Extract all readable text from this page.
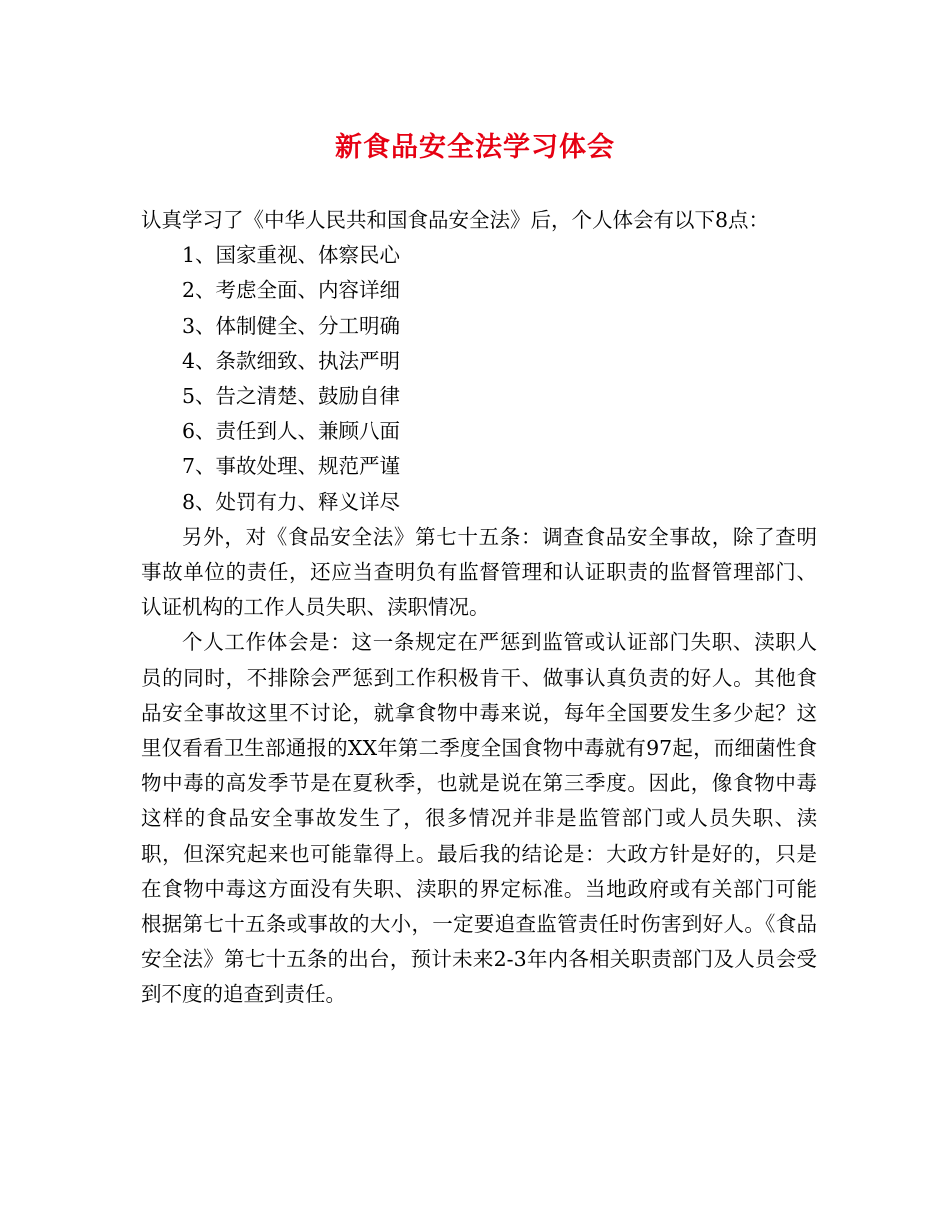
新食品安全法学习体会

认真学习了《中华人民共和国食品安全法》后，个人体会有以下8点：

1、国家重视、体察民心
2、考虑全面、内容详细
3、体制健全、分工明确
4、条款细致、执法严明
5、告之清楚、鼓励自律
6、责任到人、兼顾八面
7、事故处理、规范严谨
8、处罚有力、释义详尽

另外，对《食品安全法》第七十五条：调查食品安全事故，除了查明事故单位的责任，还应当查明负有监督管理和认证职责的监督管理部门、认证机构的工作人员失职、渎职情况。

个人工作体会是：这一条规定在严惩到监管或认证部门失职、渎职人员的同时，不排除会严惩到工作积极肯干、做事认真负责的好人。其他食品安全事故这里不讨论，就拿食物中毒来说，每年全国要发生多少起？这里仅看看卫生部通报的XX年第二季度全国食物中毒就有97起，而细菌性食物中毒的高发季节是在夏秋季，也就是说在第三季度。因此，像食物中毒这样的食品安全事故发生了，很多情况并非是监管部门或人员失职、渎职，但深究起来也可能靠得上。最后我的结论是：大政方针是好的，只是在食物中毒这方面没有失职、渎职的界定标准。当地政府或有关部门可能根据第七十五条或事故的大小，一定要追查监管责任时伤害到好人。《食品安全法》第七十五条的出台，预计未来2-3年内各相关职责部门及人员会受到不度的追查到责任。
